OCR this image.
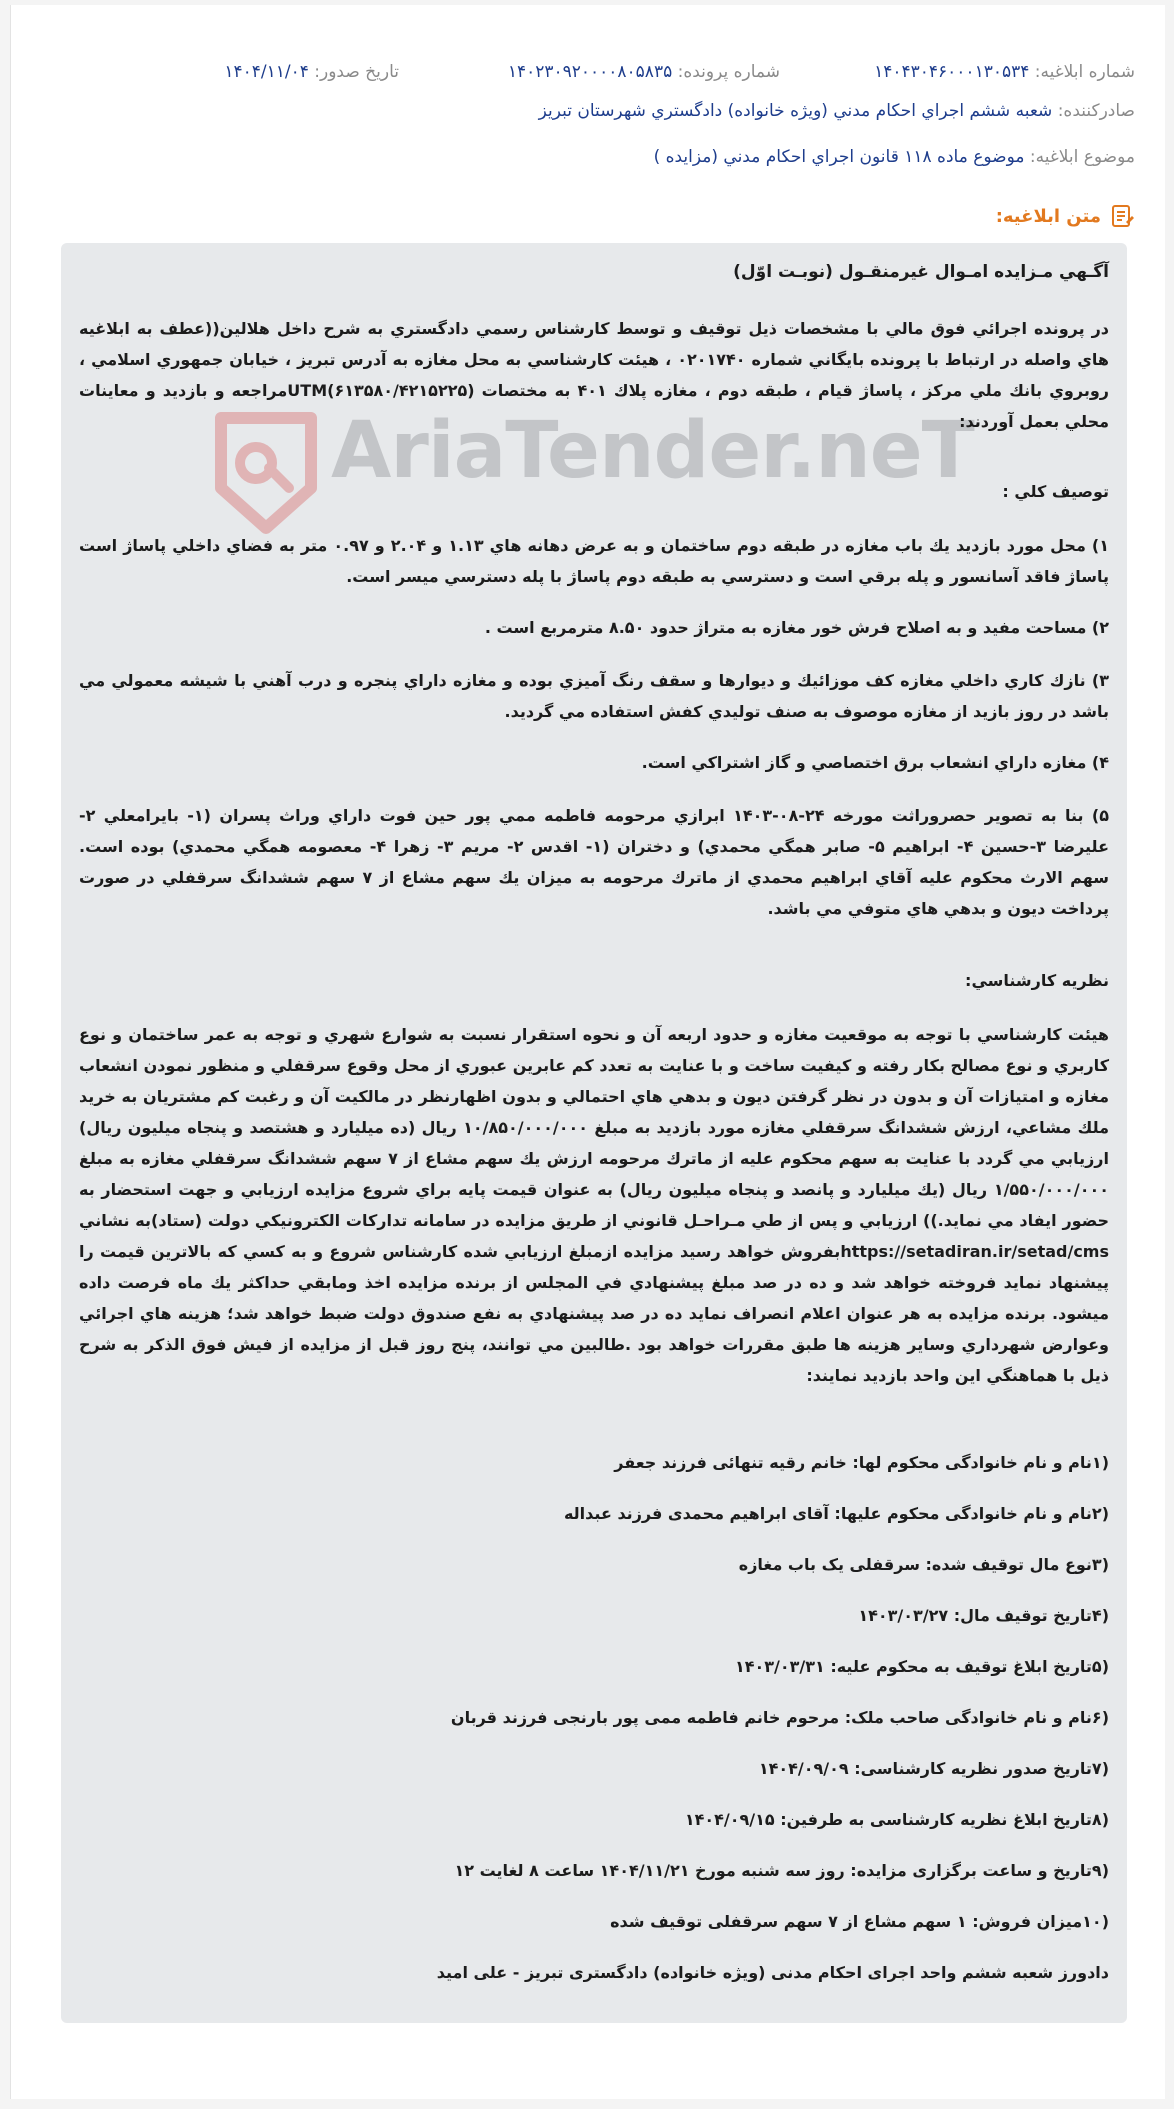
شماره ابلاغیه: ۱۴۰۴۳۰۴۶۰۰۰۱۳۰۵۳۴
شماره پرونده: ۱۴۰۲۳۰۹۲۰۰۰۰۸۰۵۸۳۵
تاریخ صدور: ۱۴۰۴/۱۱/۰۴
صادرکننده: شعبه ششم اجراي احكام مدني (ويژه خانواده) دادگستري شهرستان تبريز
موضوع ابلاغیه: موضوع ماده ۱۱۸ قانون اجراي احكام مدني (مزايده )
متن ابلاغیه:
AriaTender.neT

آگـهي مـزايده امـوال غيرمنقـول (نوبـت اوّل)

در پرونده اجرائي فوق مالي با مشخصات ذيل توقيف و توسط كارشناس رسمي دادگستري به شرح داخل هلالين((عطف به ابلاغيه هاي واصله در ارتباط با پرونده بايگاني شماره ۰۲۰۱۷۴۰ ، هيئت كارشناسي به محل مغازه به آدرس تبريز ، خيابان جمهوري اسلامي ، روبروي بانك ملي مركز ، پاساژ قيام ، طبقه دوم ، مغازه پلاك ۴۰۱ به مختصات (UTM(۶۱۳۵۸۰/۴۲۱۵۲۲۵مراجعه و بازديد و معاينات محلي بعمل آوردند:

توصيف كلي :

۱) محل مورد بازديد يك باب مغازه در طبقه دوم ساختمان و به عرض دهانه هاي ۱.۱۳ و ۲.۰۴ و ۰.۹۷ متر به فضاي داخلي پاساژ است پاساژ فاقد آسانسور و پله برقي است و دسترسي به طبقه دوم پاساژ با پله دسترسي ميسر است.

۲) مساحت مفيد و به اصلاح فرش خور مغازه به متراژ حدود ۸.۵۰ مترمربع است .

۳) نازك كاري داخلي مغازه كف موزائيك و ديوارها و سقف رنگ آميزي بوده و مغازه داراي پنجره و درب آهني با شيشه معمولي مي باشد در روز بازيد از مغازه موصوف به صنف توليدي كفش استفاده مي گرديد.

۴) مغازه داراي انشعاب برق اختصاصي و گاز اشتراكي است.

۵) بنا به تصوير حصروراثت مورخه ۲۴-۰۸-۱۴۰۳ ابرازي مرحومه فاطمه ممي پور حين فوت داراي وراث پسران (۱- بايرامعلي ۲- عليرضا ۳-حسين ۴- ابراهيم ۵- صابر همگي محمدي) و دختران (۱- اقدس ۲- مريم ۳- زهرا ۴- معصومه همگي محمدي) بوده است. سهم الارث محكوم عليه آقاي ابراهيم محمدي از ماترك مرحومه به ميزان يك سهم مشاع از ۷ سهم ششدانگ سرقفلي در صورت پرداخت ديون و بدهي هاي متوفي مي باشد.

نظريه كارشناسي:

هيئت كارشناسي با توجه به موقعيت مغازه و حدود اربعه آن و نحوه استقرار نسبت به شوارع شهري و توجه به عمر ساختمان و نوع كاربري و نوع مصالح بكار رفته و كيفيت ساخت و با عنايت به تعدد كم عابرين عبوري از محل وقوع سرقفلي و منظور نمودن انشعاب مغازه و امتيازات آن و بدون در نظر گرفتن ديون و بدهي هاي احتمالي و بدون اظهارنظر در مالكيت آن و رغبت كم مشتريان به خريد ملك مشاعي، ارزش ششدانگ سرقفلي مغازه مورد بازديد به مبلغ ۱۰/۸۵۰/۰۰۰/۰۰۰ ريال (ده ميليارد و هشتصد و پنجاه ميليون ريال) ارزيابي مي گردد با عنايت به سهم محكوم عليه از ماترك مرحومه ارزش يك سهم مشاع از ۷ سهم ششدانگ سرقفلي مغازه به مبلغ ۱/۵۵۰/۰۰۰/۰۰۰ ريال (يك ميليارد و پانصد و پنجاه ميليون ريال) به عنوان قيمت پايه براي شروع مزايده ارزيابي و جهت استحضار به حضور ايفاد مي نمايد.)) ارزيابي و پس از طي مـراحـل قانوني از طريق مزايده در سامانه تداركات الكترونيكي دولت (ستاد)به نشاني https://setadiran.ir/setad/cmsبفروش خواهد رسيد مزايده ازمبلغ ارزيابي شده كارشناس شروع و به كسي كه بالاترين قيمت را پيشنهاد نمايد فروخته خواهد شد و ده در صد مبلغ پيشنهادي في المجلس از برنده مزايده اخذ ومابقي حداكثر يك ماه فرصت داده ميشود. برنده مزايده به هر عنوان اعلام انصراف نمايد ده در صد پيشنهادي به نفع صندوق دولت ضبط خواهد شد؛ هزينه هاي اجرائي وعوارض شهرداري وساير هزينه ها طبق مقررات خواهد بود .طالبين مي توانند، پنج روز قبل از مزايده از فيش فوق الذكر به شرح ذيل با هماهنگي اين واحد بازديد نمايند:

(۱نام و نام خانوادگی محکوم لها: خانم رقیه تنهائی فرزند جعفر

(۲نام و نام خانوادگی محکوم علیها: آقای ابراهیم محمدی فرزند عبداله

(۳نوع مال توقیف شده: سرقفلی یک باب مغازه

(۴تاریخ توقیف مال: ۱۴۰۳/۰۳/۲۷

(۵تاریخ ابلاغ توقیف به محکوم علیه: ۱۴۰۳/۰۳/۳۱

(۶نام و نام خانوادگی صاحب ملک: مرحوم خانم فاطمه ممی پور بارنجی فرزند قربان

(۷تاریخ صدور نظریه کارشناسی: ۱۴۰۴/۰۹/۰۹

(۸تاریخ ابلاغ نظریه کارشناسی به طرفین: ۱۴۰۴/۰۹/۱۵

(۹تاریخ و ساعت برگزاری مزایده: روز سه شنبه مورخ ۱۴۰۴/۱۱/۲۱ ساعت ۸ لغایت ۱۲

(۱۰میزان فروش: ۱ سهم مشاع از ۷ سهم سرقفلی توقیف شده

دادورز شعبه ششم واحد اجرای احکام مدنی (ویژه خانواده) دادگستری تبریز - علی امید
